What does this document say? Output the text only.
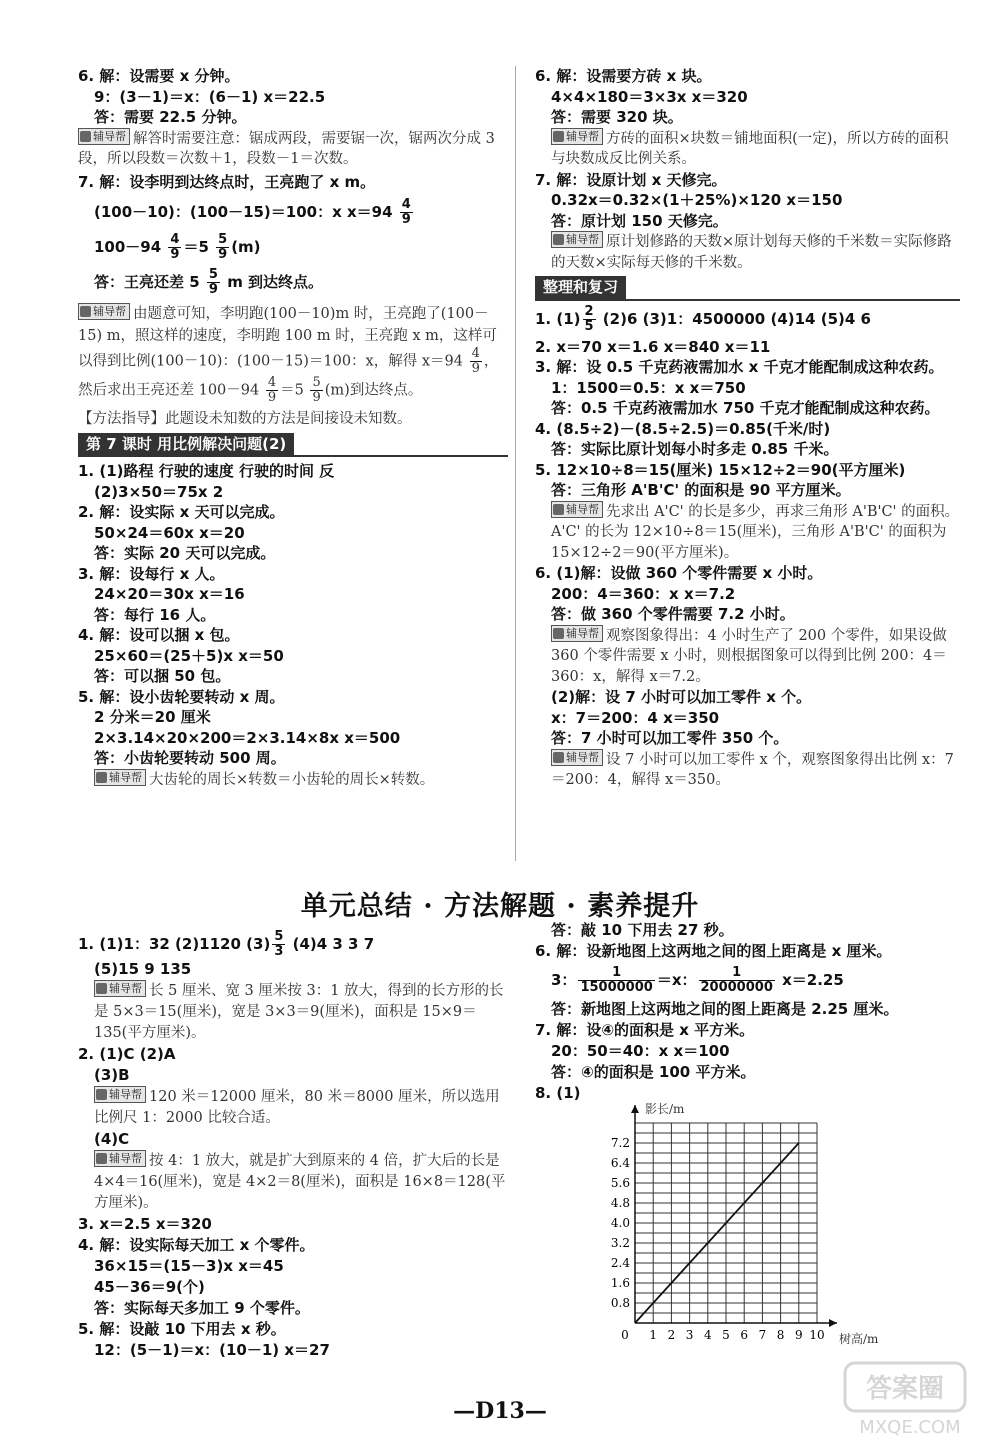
6. 解：设需要 x 分钟。
9：(3－1)＝x：(6－1) x＝22.5
答：需要 22.5 分钟。
辅导帮 解答时需要注意：锯成两段，需要锯一次，锯两次分成 3 段，所以段数＝次数＋1，段数－1＝次数。
7. 解：设李明到达终点时，王亮跑了 x m。
(100－10)：(100－15)＝100：x $x=94 \frac{4}{9}$
$100-94 \frac{4}{9} =5 \frac{5}{9} (m)$
答：王亮还差 $5 \frac{5}{9}$ m 到达终点。
辅导帮 由题意可知，李明跑(100－10)m 时，王亮跑了(100－15) m，照这样的速度，李明跑 100 m 时，王亮跑 x m，这样可以得到比例(100－10)：(100－15)＝100：x，解得 $x=94 \frac{4}{9}$ ，然后求出王亮还差 $100-94 \frac{4}{9} =5 \frac{5}{9} (m)$到达终点。
【方法指导】此题设未知数的方法是间接设未知数。
第 7 课时 用比例解决问题(2)
1. (1)路程 行驶的速度 行驶的时间 反
(2)3×50＝75x 2
2. 解：设实际 x 天可以完成。
50×24＝60x x＝20
答：实际 20 天可以完成。
3. 解：设每行 x 人。
24×20＝30x x＝16
答：每行 16 人。
4. 解：设可以捆 x 包。
25×60＝(25＋5)x x＝50
答：可以捆 50 包。
5. 解：设小齿轮要转动 x 周。
2 分米＝20 厘米
2×3.14×20×200＝2×3.14×8x x＝500
答：小齿轮要转动 500 周。
辅导帮 大齿轮的周长×转数＝小齿轮的周长×转数。
6. 解：设需要方砖 x 块。
4×4×180＝3×3x x＝320
答：需要 320 块。
辅导帮 方砖的面积×块数＝铺地面积(一定)，所以方砖的面积与块数成反比例关系。
7. 解：设原计划 x 天修完。
0.32x＝0.32×(1＋25%)×120 x＝150
答：原计划 150 天修完。
辅导帮 原计划修路的天数×原计划每天修的千米数＝实际修路的天数×实际每天修的千米数。
整理和复习
1. $(1) \frac{2}{5} (2)6$ (3)1：4500000 (4)14 (5)4 6
2. x＝70 x＝1.6 x＝840 x＝11
3. 解：设 0.5 千克药液需加水 x 千克才能配制成这种农药。
1：1500＝0.5：x x＝750
答：0.5 千克药液需加水 750 千克才能配制成这种农药。
4. (8.5÷2)－(8.5÷2.5)＝0.85(千米/时)
答：实际比原计划每小时多走 0.85 千米。
5. 12×10÷8＝15(厘米) 15×12÷2＝90(平方厘米)
答：三角形 A'B'C' 的面积是 90 平方厘米。
辅导帮 先求出 A'C' 的长是多少，再求三角形 A'B'C' 的面积。A'C' 的长为 12×10÷8＝15(厘米)，三角形 A'B'C' 的面积为 15×12÷2＝90(平方厘米)。
6. (1)解：设做 360 个零件需要 x 小时。
200：4＝360：x x＝7.2
答：做 360 个零件需要 7.2 小时。
辅导帮 观察图象得出：4 小时生产了 200 个零件，如果设做 360 个零件需要 x 小时，则根据图象可以得到比例 200：4＝360：x，解得 x＝7.2。
(2)解：设 7 小时可以加工零件 x 个。
x：7＝200：4 x＝350
答：7 小时可以加工零件 350 个。
辅导帮 设 7 小时可以加工零件 x 个，观察图象得出比例 x：7＝200：4，解得 x＝350。
单元总结 · 方法解题 · 素养提升
1. (1)1：32 (2)1120 $(3) \frac{5}{3} (4)4$ 3 3 7
(5)15 9 135
辅导帮 长 5 厘米、宽 3 厘米按 3：1 放大，得到的长方形的长是 5×3＝15(厘米)，宽是 3×3＝9(厘米)，面积是 15×9＝135(平方厘米)。
2. (1)C (2)A
(3)B
辅导帮 120 米＝12000 厘米，80 米＝8000 厘米，所以选用比例尺 1：2000 比较合适。
(4)C
辅导帮 按 4：1 放大，就是扩大到原来的 4 倍，扩大后的长是 4×4＝16(厘米)，宽是 4×2＝8(厘米)，面积是 16×8＝128(平方厘米)。
3. x＝2.5 x＝320
4. 解：设实际每天加工 x 个零件。
36×15＝(15－3)x x＝45
45－36＝9(个)
答：实际每天多加工 9 个零件。
5. 解：设敲 10 下用去 x 秒。
12：(5－1)＝x：(10－1) x＝27
答：敲 10 下用去 27 秒。
6. 解：设新地图上这两地之间的图上距离是 x 厘米。
3： $\frac{1}{15000000} =x$： $\frac{1}{20000000} x=2.25$
答：新地图上这两地之间的图上距离是 2.25 厘米。
7. 解：设④的面积是 x 平方米。
20：50＝40：x x＝100
答：④的面积是 100 平方米。
8. (1)
0 1 2 3 4 5 6 7 8 9 10
0.8
1.6
2.4
3.2
4.0
4.8
5.6
6.4
7.2
树高/m
影长/m
—D13—
答案圈
MXQE.COM
